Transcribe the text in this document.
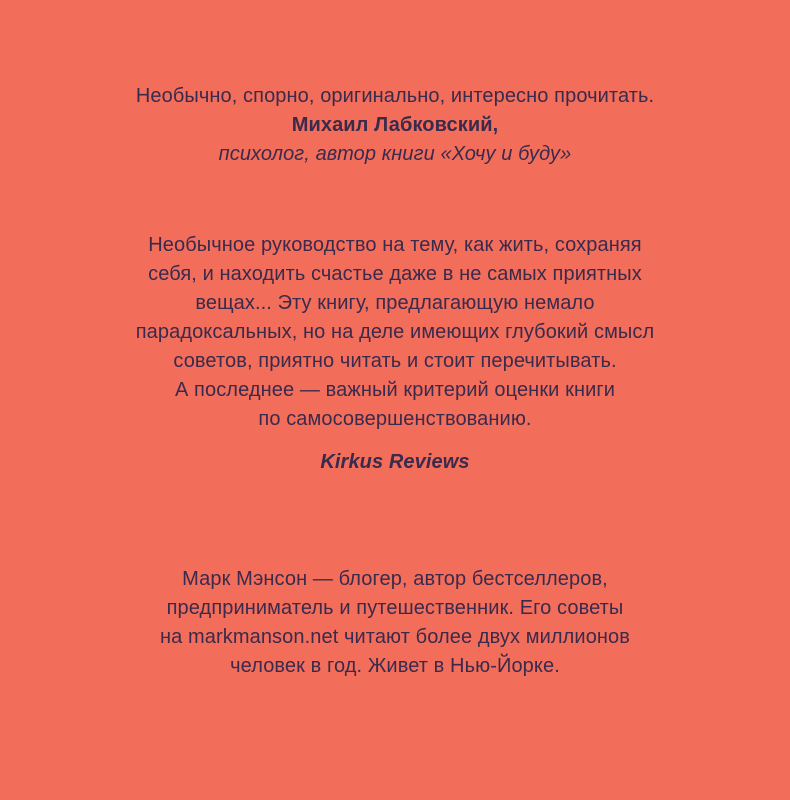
Необычно, спорно, оригинально, интересно прочитать.
Михаил Лабковский,
психолог, автор книги «Хочу и буду»
Необычное руководство на тему, как жить, сохраняя
себя, и находить счастье даже в не самых приятных
вещах... Эту книгу, предлагающую немало
парадоксальных, но на деле имеющих глубокий смысл
советов, приятно читать и стоит перечитывать.
А последнее — важный критерий оценки книги
по самосовершенствованию.
Kirkus Reviews
Марк Мэнсон — блогер, автор бестселлеров,
предприниматель и путешественник. Его советы
на markmanson.net читают более двух миллионов
человек в год. Живет в Нью-Йорке.
